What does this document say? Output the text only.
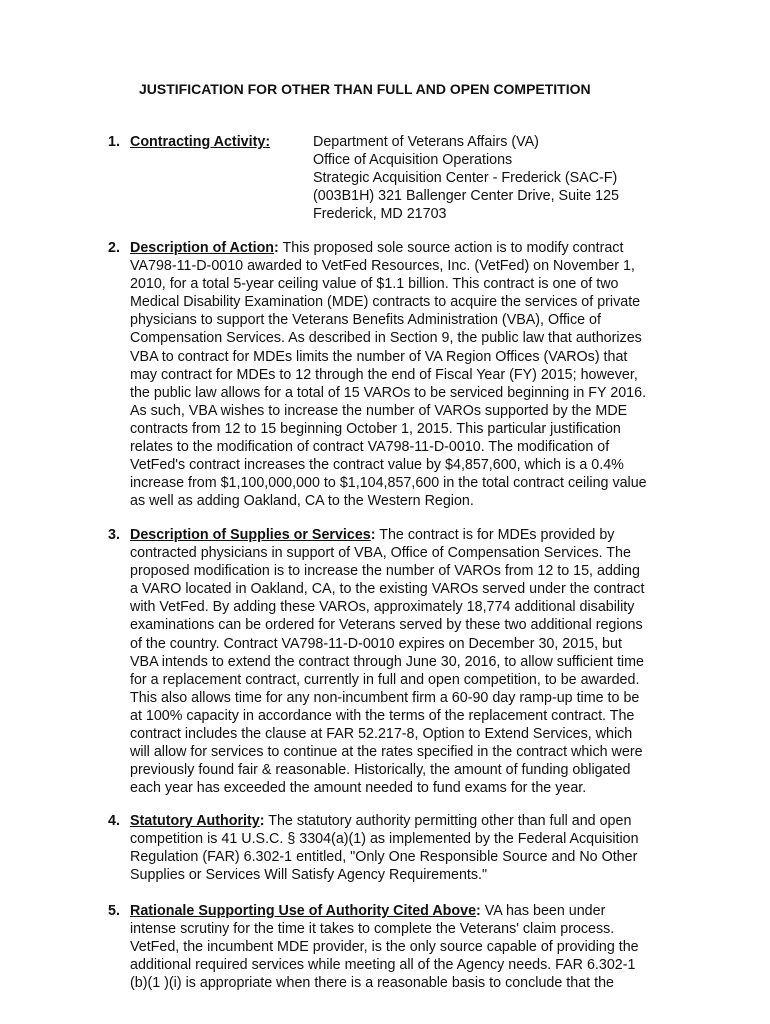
JUSTIFICATION FOR OTHER THAN FULL AND OPEN COMPETITION
1. Contracting Activity:	Department of Veterans Affairs (VA)
Office of Acquisition Operations
Strategic Acquisition Center - Frederick (SAC-F)
(003B1H) 321 Ballenger Center Drive, Suite 125
Frederick, MD 21703
2. Description of Action: This proposed sole source action is to modify contract
VA798-11-D-0010 awarded to VetFed Resources, Inc. (VetFed) on November 1,
2010, for a total 5-year ceiling value of $1.1 billion. This contract is one of two
Medical Disability Examination (MDE) contracts to acquire the services of private
physicians to support the Veterans Benefits Administration (VBA), Office of
Compensation Services. As described in Section 9, the public law that authorizes
VBA to contract for MDEs limits the number of VA Region Offices (VAROs) that
may contract for MDEs to 12 through the end of Fiscal Year (FY) 2015; however,
the public law allows for a total of 15 VAROs to be serviced beginning in FY 2016.
As such, VBA wishes to increase the number of VAROs supported by the MDE
contracts from 12 to 15 beginning October 1, 2015. This particular justification
relates to the modification of contract VA798-11-D-0010. The modification of
VetFed's contract increases the contract value by $4,857,600, which is a 0.4%
increase from $1,100,000,000 to $1,104,857,600 in the total contract ceiling value
as well as adding Oakland, CA to the Western Region.
3. Description of Supplies or Services: The contract is for MDEs provided by
contracted physicians in support of VBA, Office of Compensation Services. The
proposed modification is to increase the number of VAROs from 12 to 15, adding
a VARO located in Oakland, CA, to the existing VAROs served under the contract
with VetFed. By adding these VAROs, approximately 18,774 additional disability
examinations can be ordered for Veterans served by these two additional regions
of the country. Contract VA798-11-D-0010 expires on December 30, 2015, but
VBA intends to extend the contract through June 30, 2016, to allow sufficient time
for a replacement contract, currently in full and open competition, to be awarded.
This also allows time for any non-incumbent firm a 60-90 day ramp-up time to be
at 100% capacity in accordance with the terms of the replacement contract. The
contract includes the clause at FAR 52.217-8, Option to Extend Services, which
will allow for services to continue at the rates specified in the contract which were
previously found fair & reasonable. Historically, the amount of funding obligated
each year has exceeded the amount needed to fund exams for the year.
4. Statutory Authority: The statutory authority permitting other than full and open
competition is 41 U.S.C. § 3304(a)(1) as implemented by the Federal Acquisition
Regulation (FAR) 6.302-1 entitled, "Only One Responsible Source and No Other
Supplies or Services Will Satisfy Agency Requirements."
5. Rationale Supporting Use of Authority Cited Above: VA has been under
intense scrutiny for the time it takes to complete the Veterans' claim process.
VetFed, the incumbent MDE provider, is the only source capable of providing the
additional required services while meeting all of the Agency needs. FAR 6.302-1
(b)(1 )(i) is appropriate when there is a reasonable basis to conclude that the
